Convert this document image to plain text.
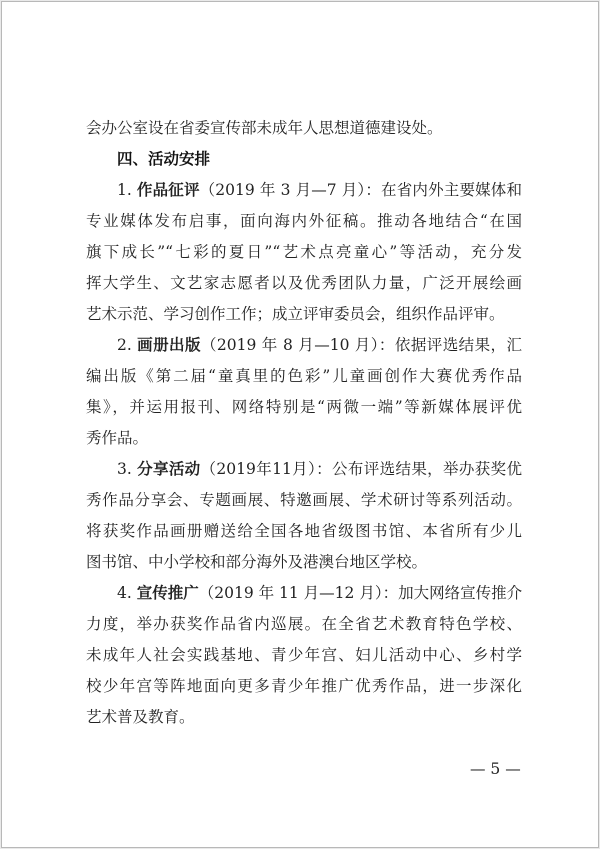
会办公室设在省委宣传部未成年人思想道德建设处。
四、活动安排
1. 作品征评（2019 年 3 月—7 月）：在省内外主要媒体和
专业媒体发布启事，面向海内外征稿。推动各地结合“在国
旗下成长”“七彩的夏日”“艺术点亮童心”等活动，充分发
挥大学生、文艺家志愿者以及优秀团队力量，广泛开展绘画
艺术示范、学习创作工作；成立评审委员会，组织作品评审。
2. 画册出版（2019 年 8 月—10 月）：依据评选结果，汇
编出版《第二届“童真里的色彩”儿童画创作大赛优秀作品
集》，并运用报刊、网络特别是“两微一端”等新媒体展评优
秀作品。
3. 分享活动（2019年11月）：公布评选结果，举办获奖优
秀作品分享会、专题画展、特邀画展、学术研讨等系列活动。
将获奖作品画册赠送给全国各地省级图书馆、本省所有少儿
图书馆、中小学校和部分海外及港澳台地区学校。
4. 宣传推广（2019 年 11 月—12 月）：加大网络宣传推介
力度，举办获奖作品省内巡展。在全省艺术教育特色学校、
未成年人社会实践基地、青少年宫、妇儿活动中心、乡村学
校少年宫等阵地面向更多青少年推广优秀作品，进一步深化
艺术普及教育。
— 5 —
